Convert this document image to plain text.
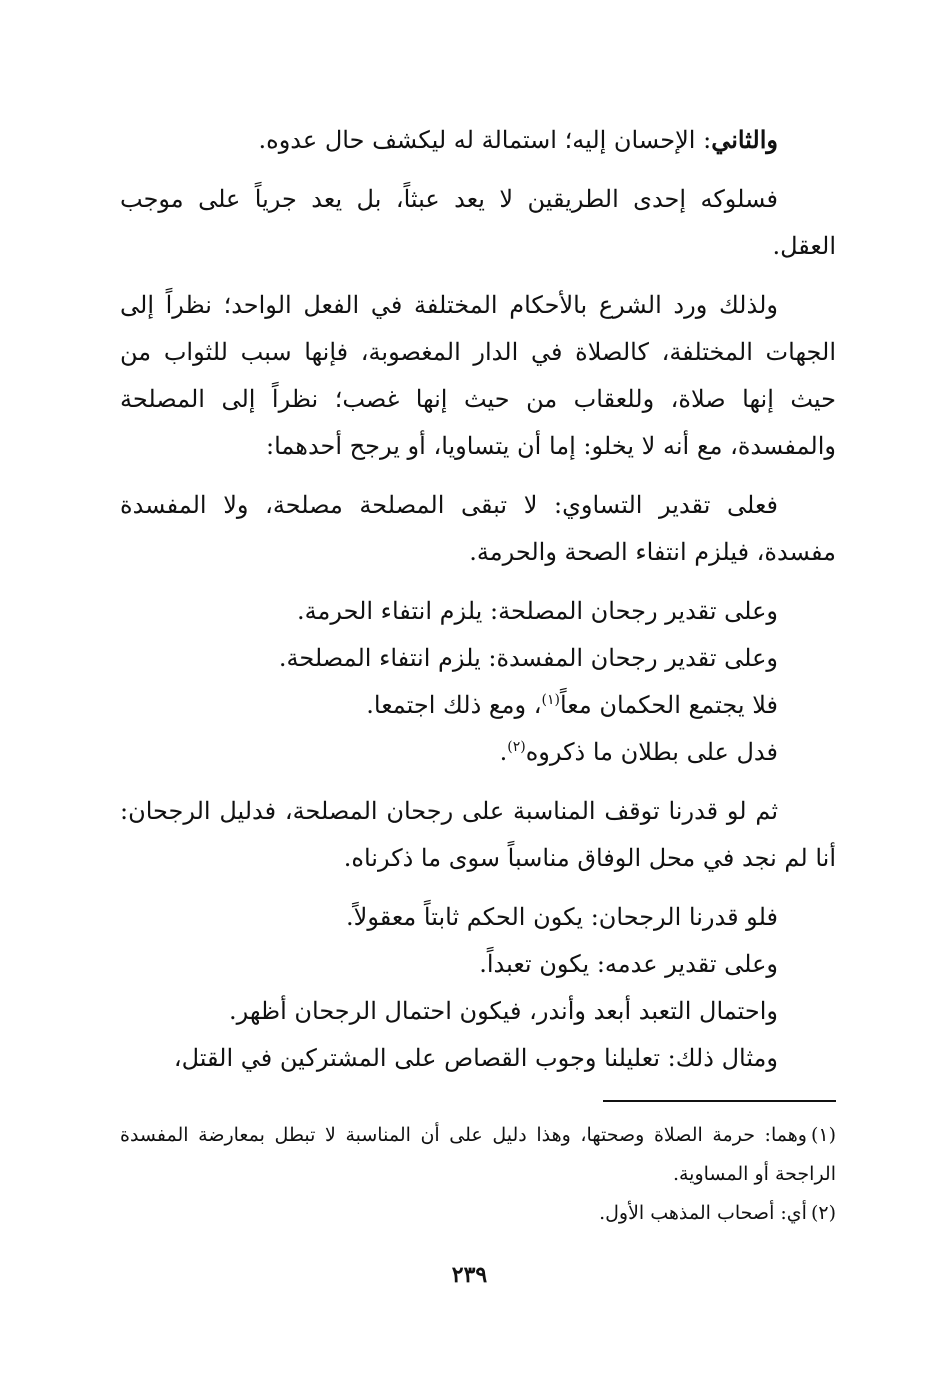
والثاني: الإحسان إليه؛ استمالة له ليكشف حال عدوه.

فسلوكه إحدى الطريقين لا يعد عبثاً، بل يعد جرياً على موجب العقل.

ولذلك ورد الشرع بالأحكام المختلفة في الفعل الواحد؛ نظراً إلى الجهات المختلفة، كالصلاة في الدار المغصوبة، فإنها سبب للثواب من حيث إنها صلاة، وللعقاب من حيث إنها غصب؛ نظراً إلى المصلحة والمفسدة، مع أنه لا يخلو: إما أن يتساويا، أو يرجح أحدهما:

فعلى تقدير التساوي: لا تبقى المصلحة مصلحة، ولا المفسدة مفسدة، فيلزم انتفاء الصحة والحرمة.

وعلى تقدير رجحان المصلحة: يلزم انتفاء الحرمة.

وعلى تقدير رجحان المفسدة: يلزم انتفاء المصلحة.

فلا يجتمع الحكمان معاً$^{(١)}$، ومع ذلك اجتمعا.

فدل على بطلان ما ذكروه$^{(٢)}$.

ثم لو قدرنا توقف المناسبة على رجحان المصلحة، فدليل الرجحان: أنا لم نجد في محل الوفاق مناسباً سوى ما ذكرناه.

فلو قدرنا الرجحان: يكون الحكم ثابتاً معقولاً.

وعلى تقدير عدمه: يكون تعبداً.

واحتمال التعبد أبعد وأندر، فيكون احتمال الرجحان أظهر.

ومثال ذلك: تعليلنا وجوب القصاص على المشتركين في القتل،

(١)وهما: حرمة الصلاة وصحتها، وهذا دليل على أن المناسبة لا تبطل بمعارضة المفسدة الراجحة أو المساوية.

(٢)أي: أصحاب المذهب الأول.

٢٣٩
